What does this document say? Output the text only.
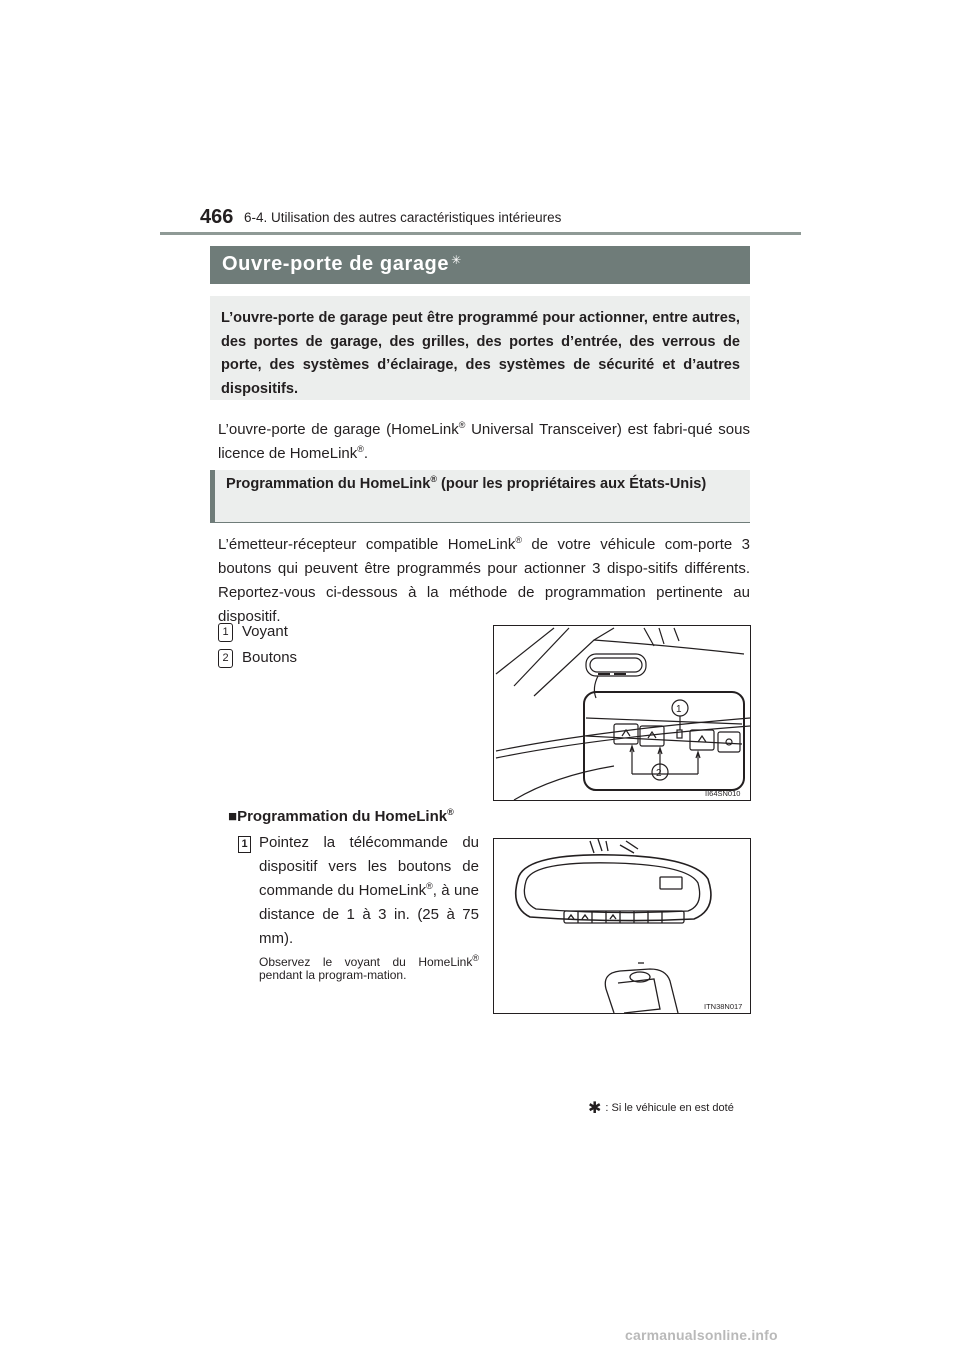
466 6-4. Utilisation des autres caractéristiques intérieures
Ouvre-porte de garage ✳
L’ouvre-porte de garage peut être programmé pour actionner, entre autres, des portes de garage, des grilles, des portes d’entrée, des verrous de porte, des systèmes d’éclairage, des systèmes de sécurité et d’autres dispositifs.
L’ouvre-porte de garage (HomeLink® Universal Transceiver) est fabri-qué sous licence de HomeLink®.
Programmation du HomeLink® (pour les propriétaires aux États-Unis)
L’émetteur-récepteur compatible HomeLink® de votre véhicule com-porte 3 boutons qui peuvent être programmés pour actionner 3 dispo-sitifs différents. Reportez-vous ci-dessous à la méthode de programmation pertinente au dispositif.
1 Voyant
2 Boutons
1
2
II64SN010
■Programmation du HomeLink®
1 Pointez la télécommande du dispositif vers les boutons de commande du HomeLink®, à une distance de 1 à 3 in. (25 à 75 mm).
Observez le voyant du HomeLink® pendant la program-mation.
ITN38N017
✱ : Si le véhicule en est doté
carmanualsonline.info
